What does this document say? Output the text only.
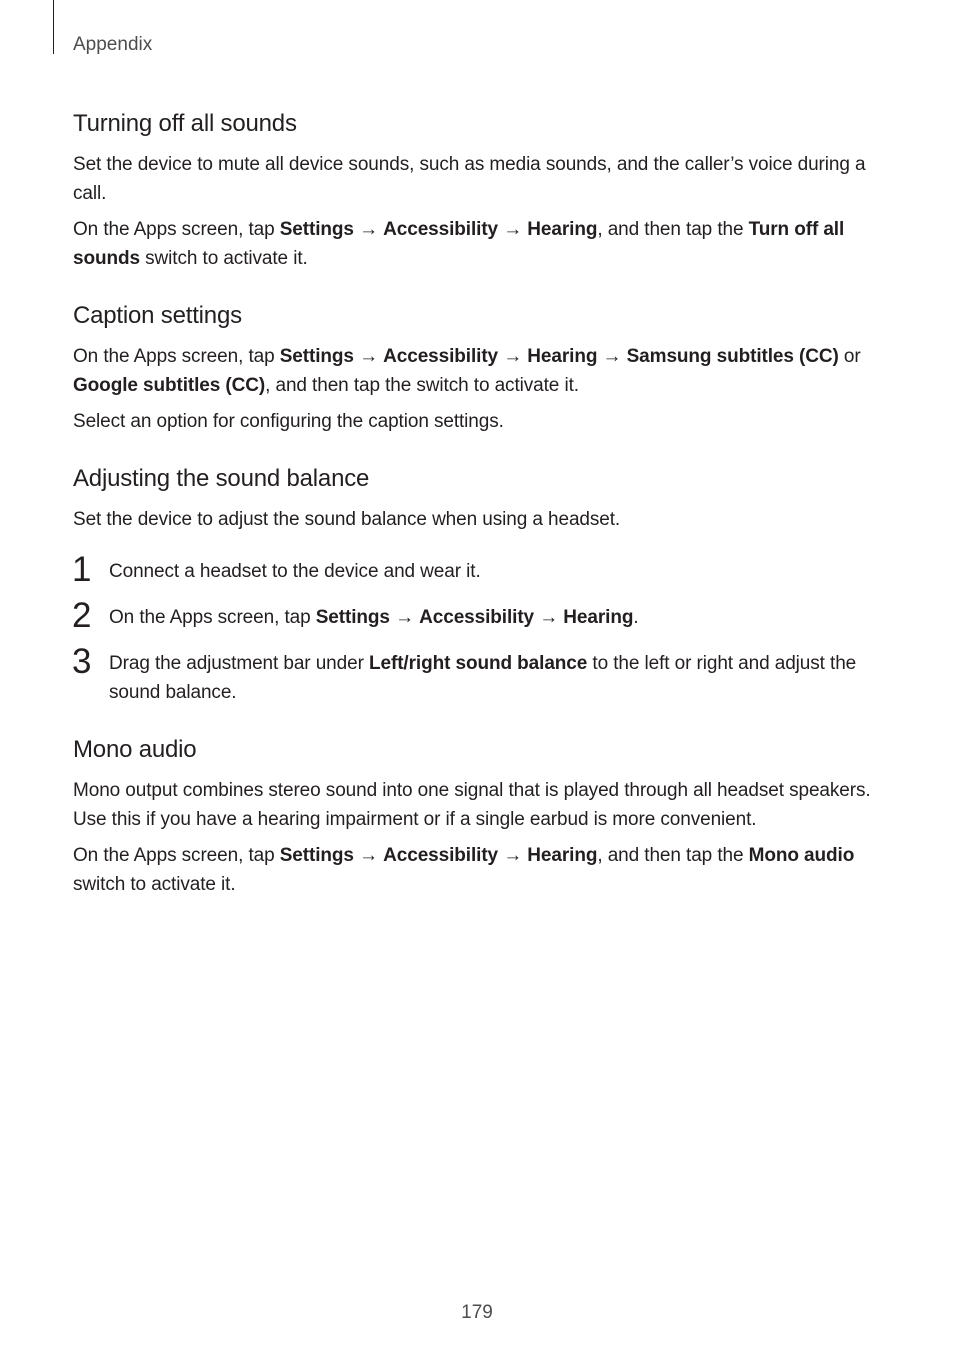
Appendix
Turning off all sounds

Set the device to mute all device sounds, such as media sounds, and the caller’s voice during a call.

On the Apps screen, tap Settings → Accessibility → Hearing, and then tap the Turn off all sounds switch to activate it.

Caption settings

On the Apps screen, tap Settings → Accessibility → Hearing → Samsung subtitles (CC) or Google subtitles (CC), and then tap the switch to activate it.

Select an option for configuring the caption settings.

Adjusting the sound balance

Set the device to adjust the sound balance when using a headset.

1 Connect a headset to the device and wear it.

2 On the Apps screen, tap Settings → Accessibility → Hearing.

3 Drag the adjustment bar under Left/right sound balance to the left or right and adjust the sound balance.

Mono audio

Mono output combines stereo sound into one signal that is played through all headset speakers. Use this if you have a hearing impairment or if a single earbud is more convenient.

On the Apps screen, tap Settings → Accessibility → Hearing, and then tap the Mono audio switch to activate it.

179
